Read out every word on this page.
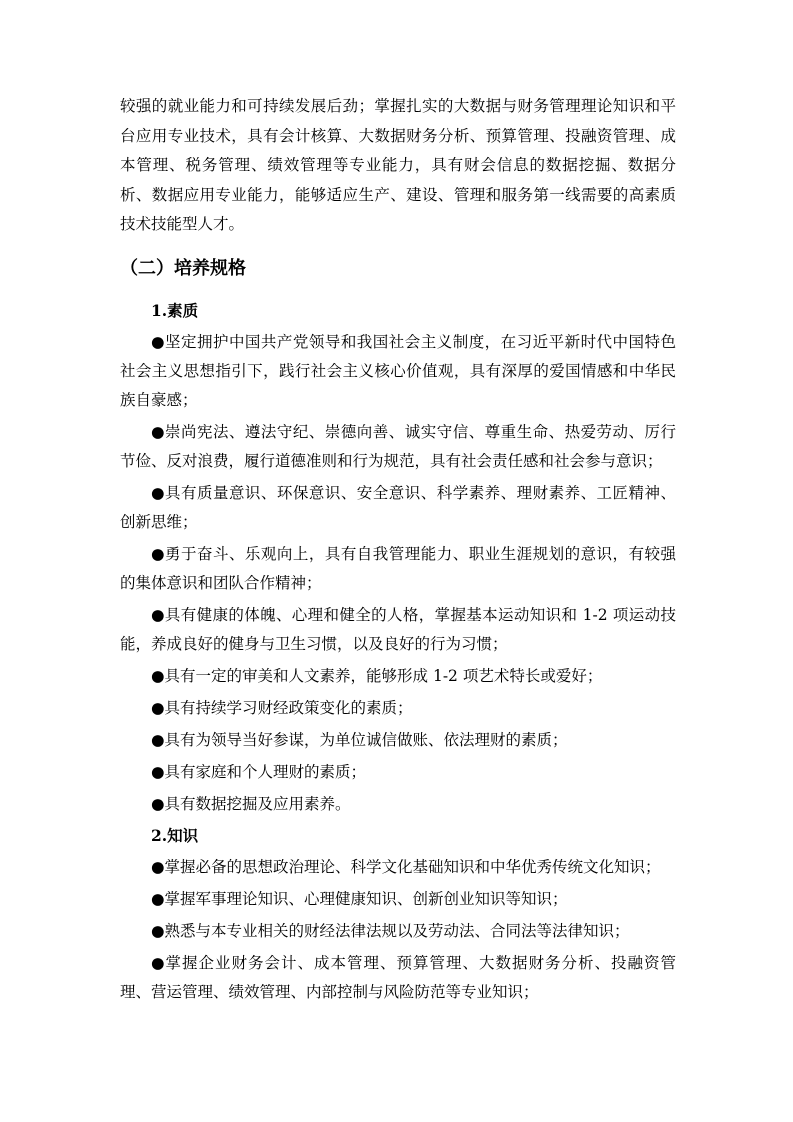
较强的就业能力和可持续发展后劲；掌握扎实的大数据与财务管理理论知识和平台应用专业技术，具有会计核算、大数据财务分析、预算管理、投融资管理、成本管理、税务管理、绩效管理等专业能力，具有财会信息的数据挖掘、数据分析、数据应用专业能力，能够适应生产、建设、管理和服务第一线需要的高素质技术技能型人才。

（二）培养规格

1.素质

●坚定拥护中国共产党领导和我国社会主义制度，在习近平新时代中国特色社会主义思想指引下，践行社会主义核心价值观，具有深厚的爱国情感和中华民族自豪感；

●崇尚宪法、遵法守纪、崇德向善、诚实守信、尊重生命、热爱劳动、厉行节俭、反对浪费，履行道德准则和行为规范，具有社会责任感和社会参与意识；

●具有质量意识、环保意识、安全意识、科学素养、理财素养、工匠精神、创新思维；

●勇于奋斗、乐观向上，具有自我管理能力、职业生涯规划的意识，有较强的集体意识和团队合作精神；

●具有健康的体魄、心理和健全的人格，掌握基本运动知识和 1-2 项运动技能，养成良好的健身与卫生习惯，以及良好的行为习惯；

●具有一定的审美和人文素养，能够形成 1-2 项艺术特长或爱好；

●具有持续学习财经政策变化的素质；

●具有为领导当好参谋，为单位诚信做账、依法理财的素质；

●具有家庭和个人理财的素质；

●具有数据挖掘及应用素养。

2.知识

●掌握必备的思想政治理论、科学文化基础知识和中华优秀传统文化知识；

●掌握军事理论知识、心理健康知识、创新创业知识等知识；

●熟悉与本专业相关的财经法律法规以及劳动法、合同法等法律知识；

●掌握企业财务会计、成本管理、预算管理、大数据财务分析、投融资管理、营运管理、绩效管理、内部控制与风险防范等专业知识；
